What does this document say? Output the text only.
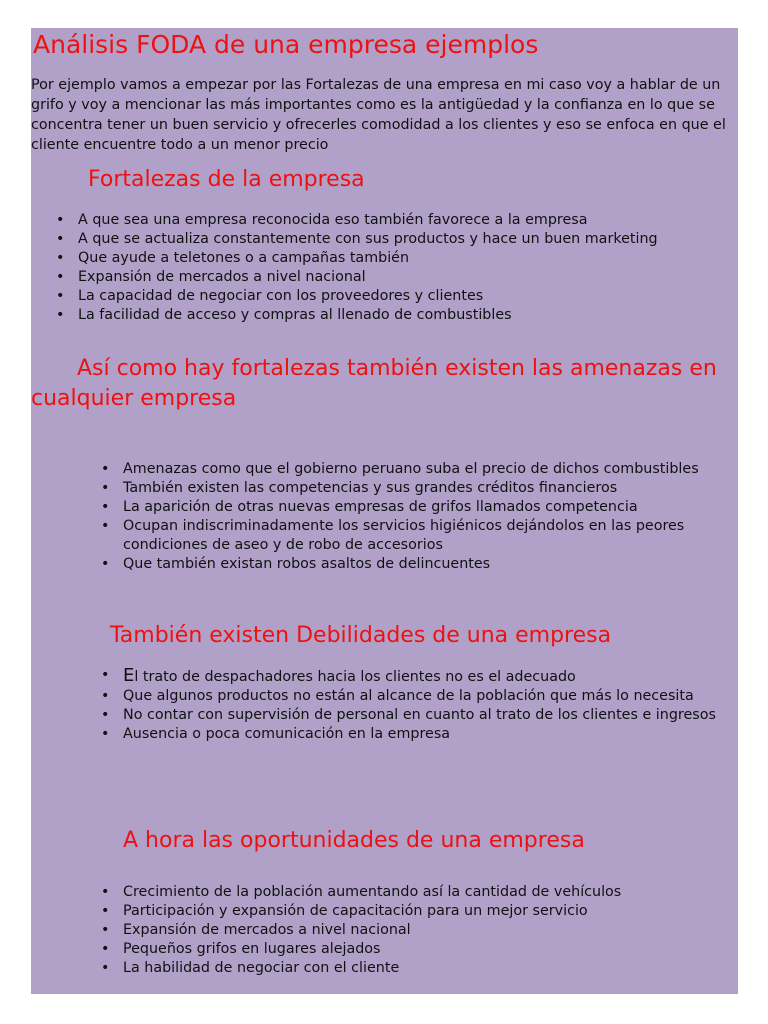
Análisis FODA de una empresa ejemplos

Por ejemplo vamos a empezar por las Fortalezas de una empresa en mi caso voy a hablar de un grifo y voy a mencionar las más importantes como es la antigüedad y la confianza en lo que se concentra tener un buen servicio y ofrecerles comodidad a los clientes y eso se enfoca en que el cliente encuentre todo a un menor precio

Fortalezas de la empresa
• A que sea una empresa reconocida eso también favorece a la empresa
• A que se actualiza constantemente con sus productos y hace un buen marketing
• Que ayude a teletones o a campañas también
• Expansión de mercados a nivel nacional
• La capacidad de negociar con los proveedores y clientes
• La facilidad de acceso y compras al llenado de combustibles
Así como hay fortalezas también existen las amenazas en cualquier empresa
• Amenazas como que el gobierno peruano suba el precio de dichos combustibles
• También existen las competencias y sus grandes créditos financieros
• La aparición de otras nuevas empresas de grifos llamados competencia
• Ocupan indiscriminadamente los servicios higiénicos dejándolos en las peores condiciones de aseo y de robo de accesorios
• Que también existan robos asaltos de delincuentes
También existen Debilidades de una empresa
• El trato de despachadores hacia los clientes no es el adecuado
• Que algunos productos no están al alcance de la población que más lo necesita
• No contar con supervisión de personal en cuanto al trato de los clientes e ingresos
• Ausencia o poca comunicación en la empresa
A hora las oportunidades de una empresa
• Crecimiento de la población aumentando así la cantidad de vehículos
• Participación y expansión de capacitación para un mejor servicio
• Expansión de mercados a nivel nacional
• Pequeños grifos en lugares alejados
• La habilidad de negociar con el cliente
